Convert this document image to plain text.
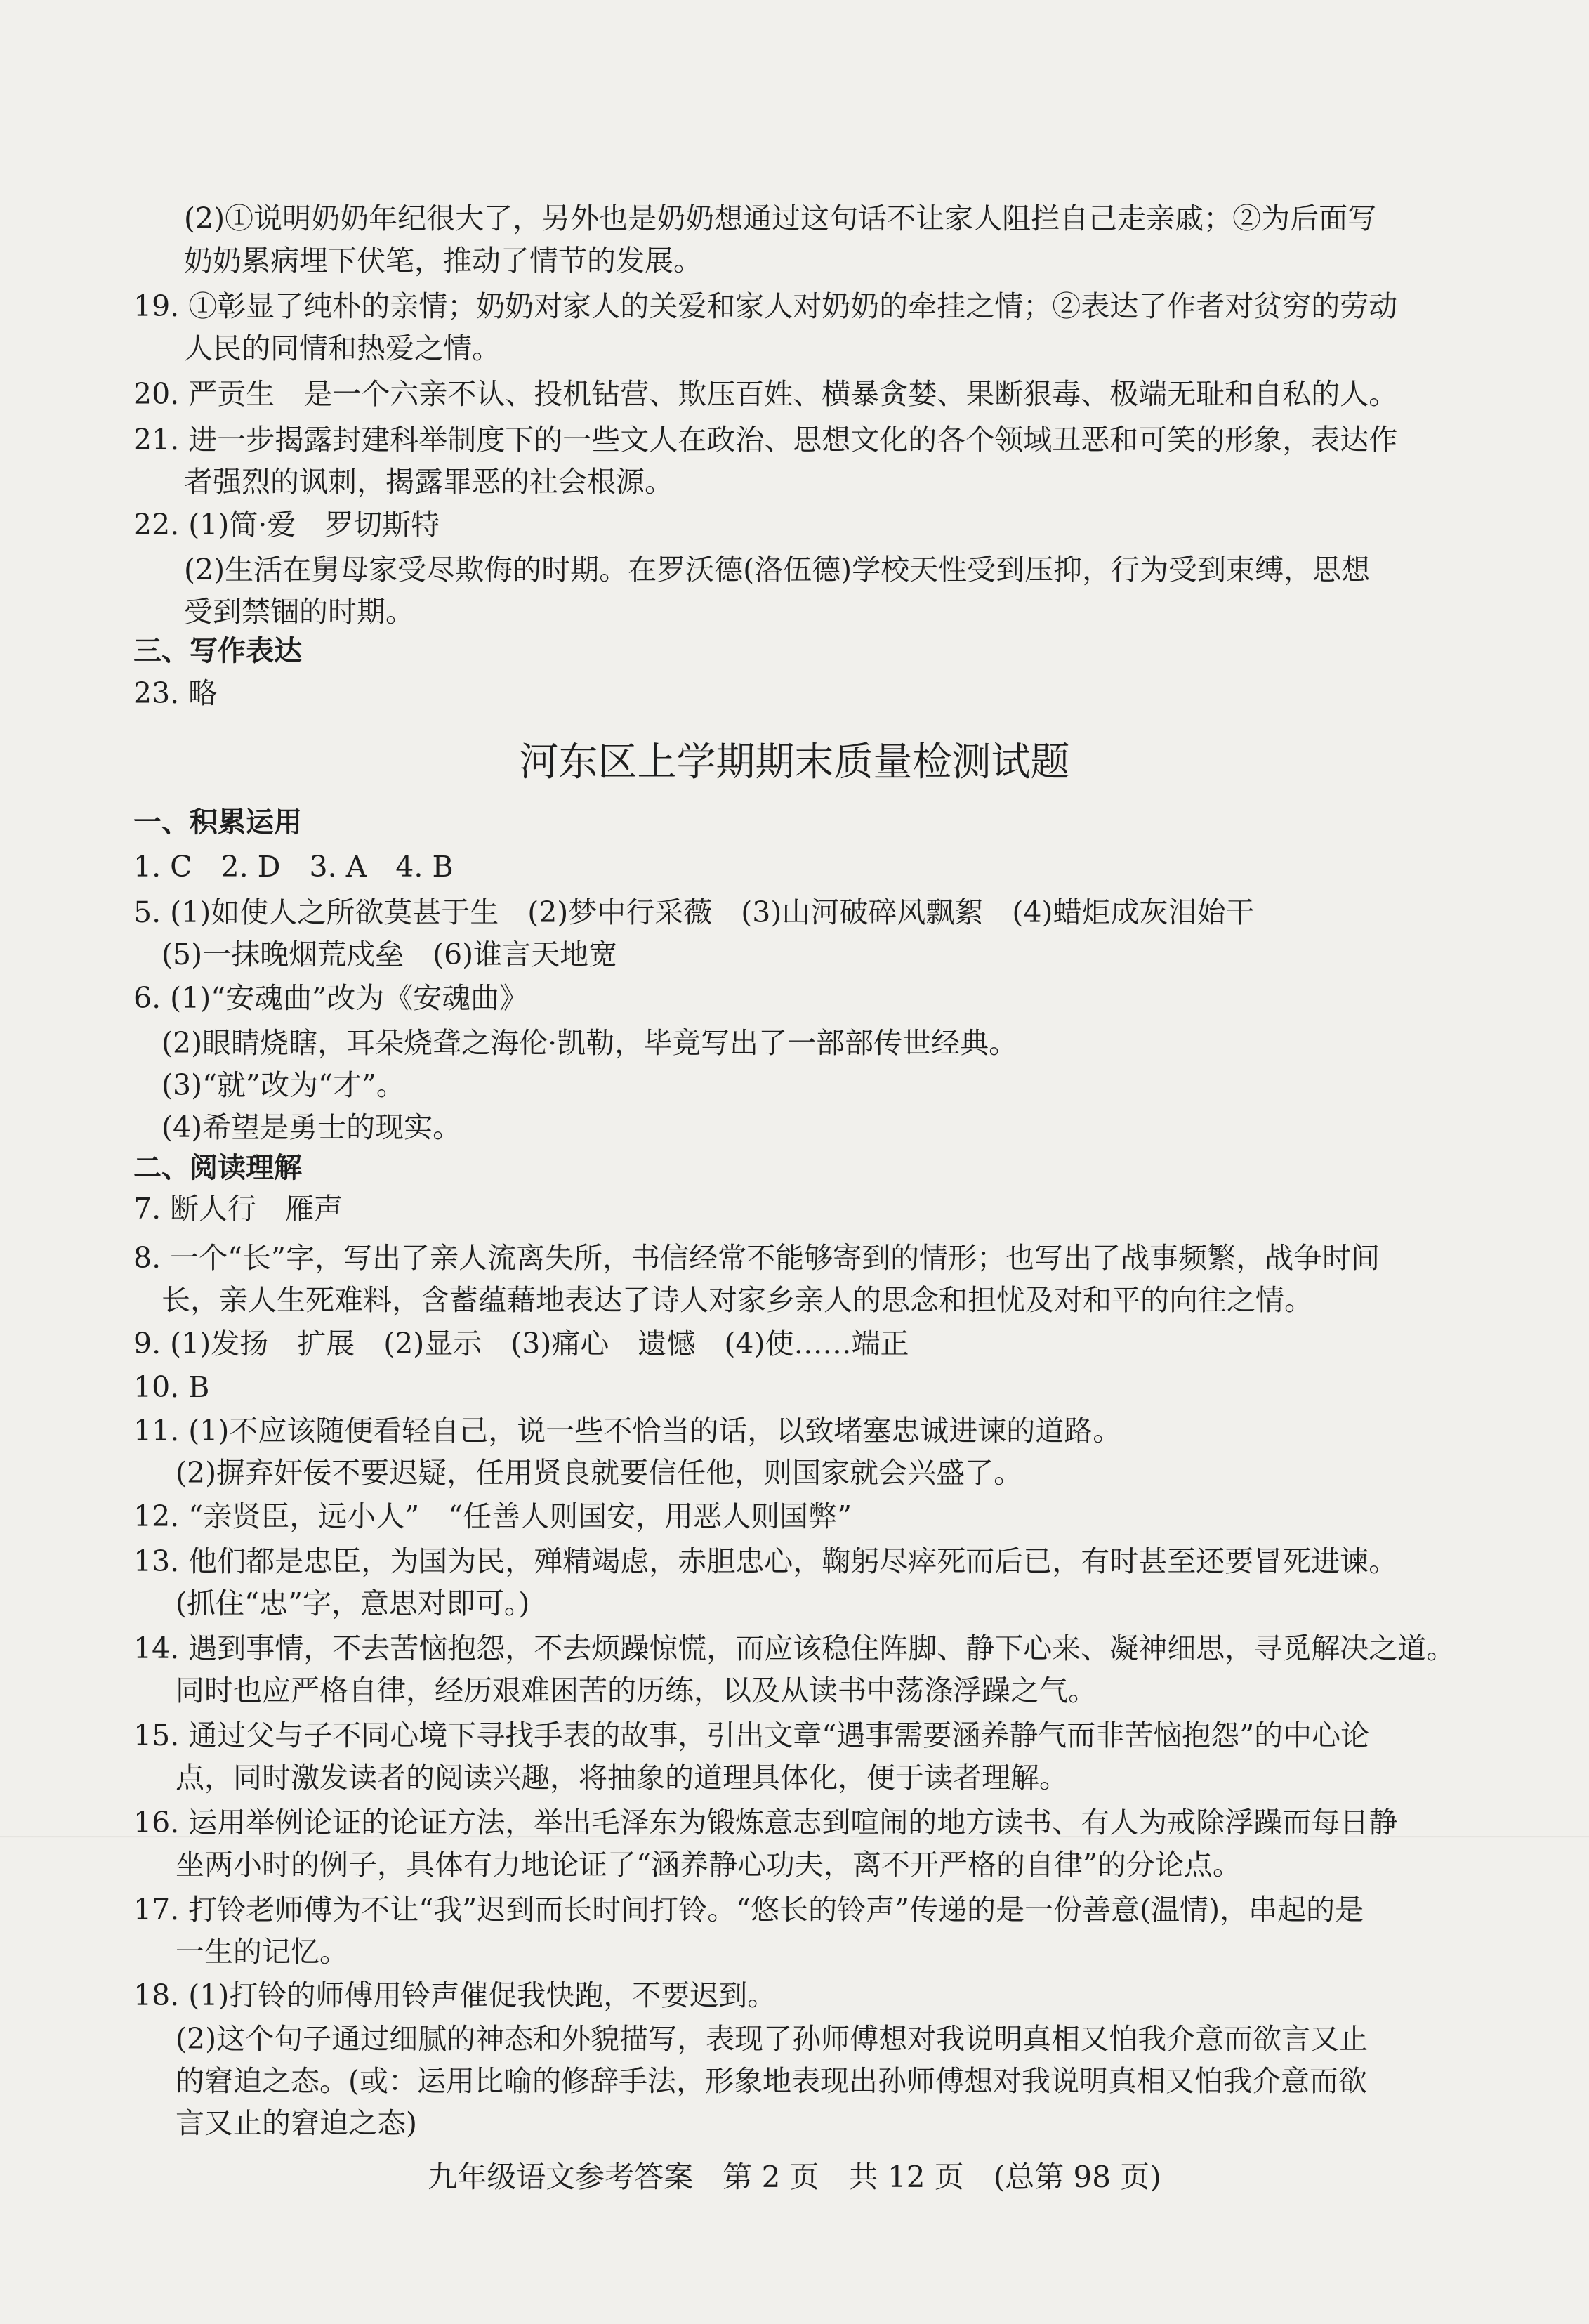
(2)①说明奶奶年纪很大了，另外也是奶奶想通过这句话不让家人阻拦自己走亲戚；②为后面写
奶奶累病埋下伏笔，推动了情节的发展。
19. ①彰显了纯朴的亲情；奶奶对家人的关爱和家人对奶奶的牵挂之情；②表达了作者对贫穷的劳动
人民的同情和热爱之情。
20. 严贡生　是一个六亲不认、投机钻营、欺压百姓、横暴贪婪、果断狠毒、极端无耻和自私的人。
21. 进一步揭露封建科举制度下的一些文人在政治、思想文化的各个领域丑恶和可笑的形象，表达作
者强烈的讽刺，揭露罪恶的社会根源。
22. (1)简·爱　罗切斯特
(2)生活在舅母家受尽欺侮的时期。在罗沃德(洛伍德)学校天性受到压抑，行为受到束缚，思想
受到禁锢的时期。
三、写作表达
23. 略
河东区上学期期末质量检测试题
一、积累运用
1. C　2. D　3. A　4. B
5. (1)如使人之所欲莫甚于生　(2)梦中行采薇　(3)山河破碎风飘絮　(4)蜡炬成灰泪始干
(5)一抹晚烟荒戍垒　(6)谁言天地宽
6. (1)“安魂曲”改为《安魂曲》
(2)眼睛烧瞎，耳朵烧聋之海伦·凯勒，毕竟写出了一部部传世经典。
(3)“就”改为“才”。
(4)希望是勇士的现实。
二、阅读理解
7. 断人行　雁声
8. 一个“长”字，写出了亲人流离失所，书信经常不能够寄到的情形；也写出了战事频繁，战争时间
长，亲人生死难料，含蓄蕴藉地表达了诗人对家乡亲人的思念和担忧及对和平的向往之情。
9. (1)发扬　扩展　(2)显示　(3)痛心　遗憾　(4)使……端正
10. B
11. (1)不应该随便看轻自己，说一些不恰当的话，以致堵塞忠诚进谏的道路。
(2)摒弃奸佞不要迟疑，任用贤良就要信任他，则国家就会兴盛了。
12. “亲贤臣，远小人”　“任善人则国安，用恶人则国弊”
13. 他们都是忠臣，为国为民，殚精竭虑，赤胆忠心，鞠躬尽瘁死而后已，有时甚至还要冒死进谏。
(抓住“忠”字，意思对即可。)
14. 遇到事情，不去苦恼抱怨，不去烦躁惊慌，而应该稳住阵脚、静下心来、凝神细思，寻觅解决之道。
同时也应严格自律，经历艰难困苦的历练，以及从读书中荡涤浮躁之气。
15. 通过父与子不同心境下寻找手表的故事，引出文章“遇事需要涵养静气而非苦恼抱怨”的中心论
点，同时激发读者的阅读兴趣，将抽象的道理具体化，便于读者理解。
16. 运用举例论证的论证方法，举出毛泽东为锻炼意志到喧闹的地方读书、有人为戒除浮躁而每日静
坐两小时的例子，具体有力地论证了“涵养静心功夫，离不开严格的自律”的分论点。
17. 打铃老师傅为不让“我”迟到而长时间打铃。“悠长的铃声”传递的是一份善意(温情)，串起的是
一生的记忆。
18. (1)打铃的师傅用铃声催促我快跑，不要迟到。
(2)这个句子通过细腻的神态和外貌描写，表现了孙师傅想对我说明真相又怕我介意而欲言又止
的窘迫之态。(或：运用比喻的修辞手法，形象地表现出孙师傅想对我说明真相又怕我介意而欲
言又止的窘迫之态)
九年级语文参考答案　第 2 页　共 12 页　(总第 98 页)
